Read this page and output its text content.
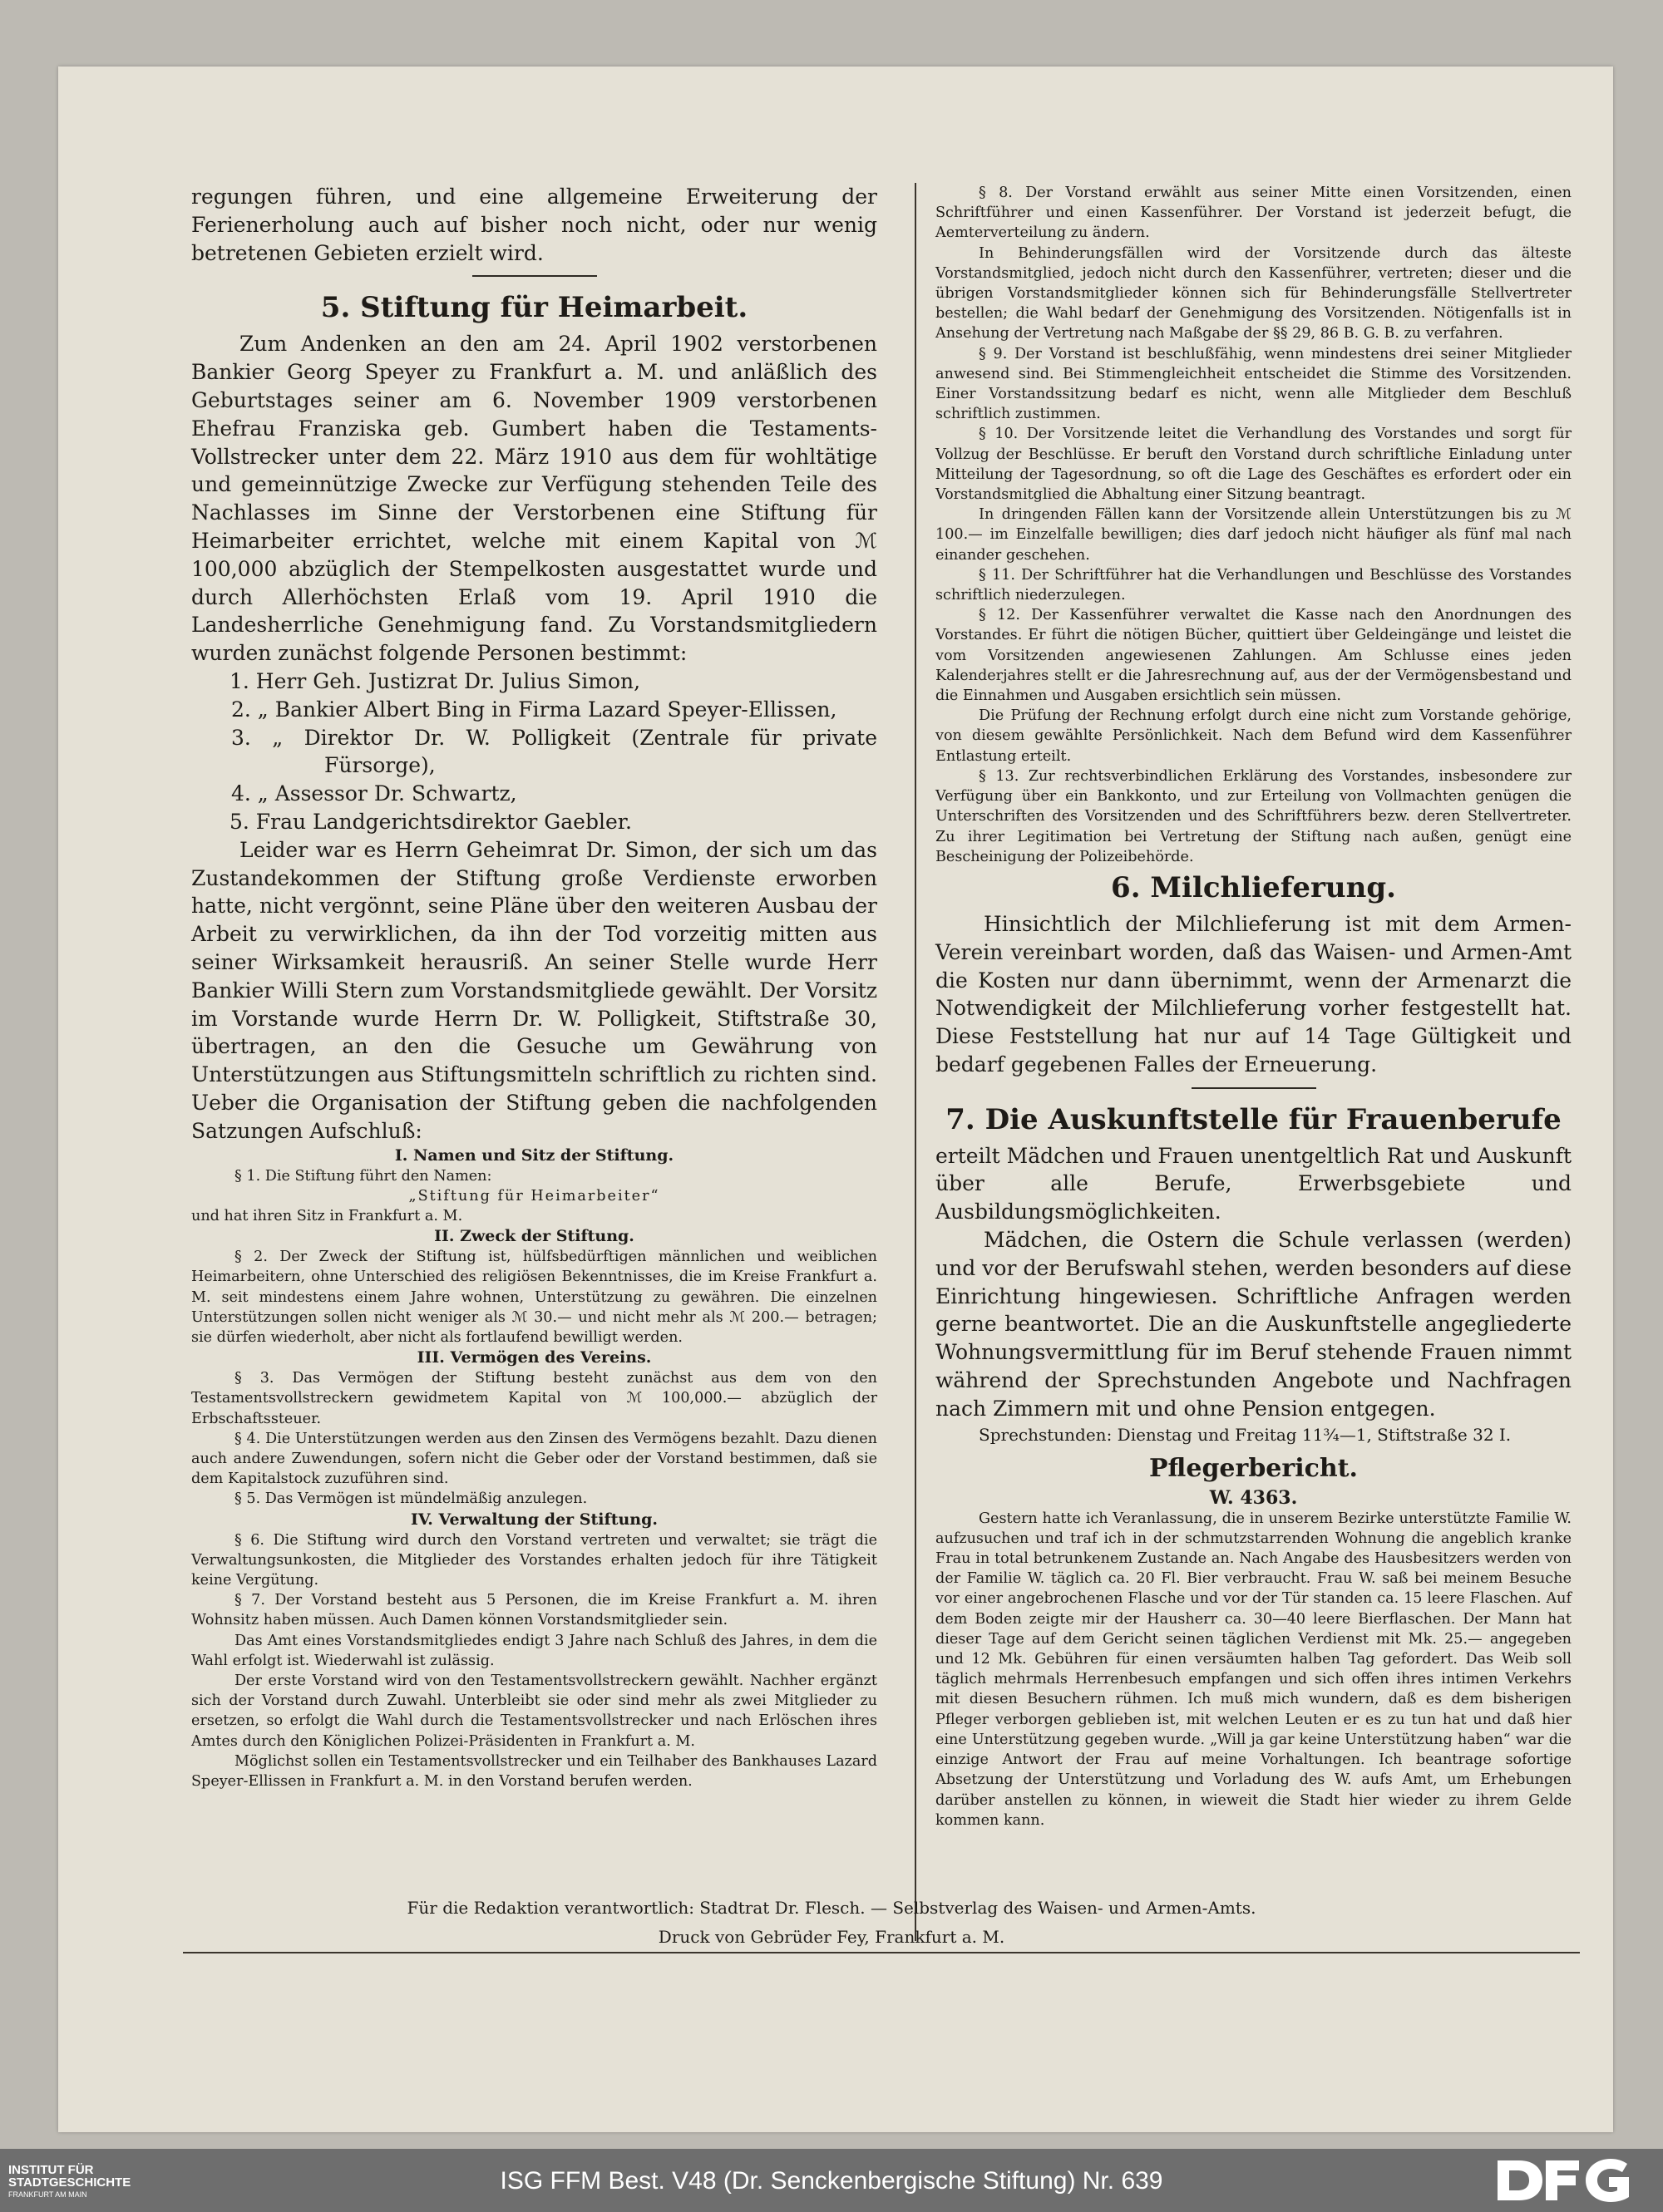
regungen führen, und eine allgemeine Erweiterung der Ferienerholung auch auf bisher noch nicht, oder nur wenig betretenen Gebieten erzielt wird.

5. Stiftung für Heimarbeit.

Zum Andenken an den am 24. April 1902 verstorbenen Bankier Georg Speyer zu Frankfurt a. M. und anläßlich des Geburtstages seiner am 6. November 1909 verstorbenen Ehefrau Franziska geb. Gumbert haben die Testaments-Vollstrecker unter dem 22. März 1910 aus dem für wohltätige und gemeinnützige Zwecke zur Verfügung stehenden Teile des Nachlasses im Sinne der Verstorbenen eine Stiftung für Heimarbeiter errichtet, welche mit einem Kapital von ℳ 100,000 abzüglich der Stempelkosten ausgestattet wurde und durch Allerhöchsten Erlaß vom 19. April 1910 die Landesherrliche Genehmigung fand. Zu Vorstandsmitgliedern wurden zunächst folgende Personen bestimmt:

1. Herr Geh. Justizrat Dr. Julius Simon,

2. „ Bankier Albert Bing in Firma Lazard Speyer-Ellissen,

3. „ Direktor Dr. W. Polligkeit (Zentrale für private Fürsorge),

4. „ Assessor Dr. Schwartz,

5. Frau Landgerichtsdirektor Gaebler.

Leider war es Herrn Geheimrat Dr. Simon, der sich um das Zustandekommen der Stiftung große Verdienste erworben hatte, nicht vergönnt, seine Pläne über den weiteren Ausbau der Arbeit zu verwirklichen, da ihn der Tod vorzeitig mitten aus seiner Wirksamkeit herausriß. An seiner Stelle wurde Herr Bankier Willi Stern zum Vorstandsmitgliede gewählt. Der Vorsitz im Vorstande wurde Herrn Dr. W. Polligkeit, Stiftstraße 30, übertragen, an den die Gesuche um Gewährung von Unterstützungen aus Stiftungsmitteln schriftlich zu richten sind. Ueber die Organisation der Stiftung geben die nachfolgenden Satzungen Aufschluß:

I. Namen und Sitz der Stiftung.

§ 1. Die Stiftung führt den Namen:

„Stiftung für Heimarbeiter“

und hat ihren Sitz in Frankfurt a. M.

II. Zweck der Stiftung.

§ 2. Der Zweck der Stiftung ist, hülfsbedürftigen männlichen und weiblichen Heimarbeitern, ohne Unterschied des religiösen Bekenntnisses, die im Kreise Frankfurt a. M. seit mindestens einem Jahre wohnen, Unterstützung zu gewähren. Die einzelnen Unterstützungen sollen nicht weniger als ℳ 30.— und nicht mehr als ℳ 200.— betragen; sie dürfen wiederholt, aber nicht als fortlaufend bewilligt werden.

III. Vermögen des Vereins.

§ 3. Das Vermögen der Stiftung besteht zunächst aus dem von den Testamentsvollstreckern gewidmetem Kapital von ℳ 100,000.— abzüglich der Erbschaftssteuer.

§ 4. Die Unterstützungen werden aus den Zinsen des Vermögens bezahlt. Dazu dienen auch andere Zuwendungen, sofern nicht die Geber oder der Vorstand bestimmen, daß sie dem Kapitalstock zuzuführen sind.

§ 5. Das Vermögen ist mündelmäßig anzulegen.

IV. Verwaltung der Stiftung.

§ 6. Die Stiftung wird durch den Vorstand vertreten und verwaltet; sie trägt die Verwaltungsunkosten, die Mitglieder des Vorstandes erhalten jedoch für ihre Tätigkeit keine Vergütung.

§ 7. Der Vorstand besteht aus 5 Personen, die im Kreise Frankfurt a. M. ihren Wohnsitz haben müssen. Auch Damen können Vorstandsmitglieder sein.

Das Amt eines Vorstandsmitgliedes endigt 3 Jahre nach Schluß des Jahres, in dem die Wahl erfolgt ist. Wiederwahl ist zulässig.

Der erste Vorstand wird von den Testamentsvollstreckern gewählt. Nachher ergänzt sich der Vorstand durch Zuwahl. Unterbleibt sie oder sind mehr als zwei Mitglieder zu ersetzen, so erfolgt die Wahl durch die Testamentsvollstrecker und nach Erlöschen ihres Amtes durch den Königlichen Polizei-Präsidenten in Frankfurt a. M.

Möglichst sollen ein Testamentsvollstrecker und ein Teilhaber des Bankhauses Lazard Speyer-Ellissen in Frankfurt a. M. in den Vorstand berufen werden.

§ 8. Der Vorstand erwählt aus seiner Mitte einen Vorsitzenden, einen Schriftführer und einen Kassenführer. Der Vorstand ist jederzeit befugt, die Aemterverteilung zu ändern.

In Behinderungsfällen wird der Vorsitzende durch das älteste Vorstandsmitglied, jedoch nicht durch den Kassenführer, vertreten; dieser und die übrigen Vorstandsmitglieder können sich für Behinderungsfälle Stellvertreter bestellen; die Wahl bedarf der Genehmigung des Vorsitzenden. Nötigenfalls ist in Ansehung der Vertretung nach Maßgabe der §§ 29, 86 B. G. B. zu verfahren.

§ 9. Der Vorstand ist beschlußfähig, wenn mindestens drei seiner Mitglieder anwesend sind. Bei Stimmengleichheit entscheidet die Stimme des Vorsitzenden. Einer Vorstandssitzung bedarf es nicht, wenn alle Mitglieder dem Beschluß schriftlich zustimmen.

§ 10. Der Vorsitzende leitet die Verhandlung des Vorstandes und sorgt für Vollzug der Beschlüsse. Er beruft den Vorstand durch schriftliche Einladung unter Mitteilung der Tagesordnung, so oft die Lage des Geschäftes es erfordert oder ein Vorstandsmitglied die Abhaltung einer Sitzung beantragt.

In dringenden Fällen kann der Vorsitzende allein Unterstützungen bis zu ℳ 100.— im Einzelfalle bewilligen; dies darf jedoch nicht häufiger als fünf mal nach einander geschehen.

§ 11. Der Schriftführer hat die Verhandlungen und Beschlüsse des Vorstandes schriftlich niederzulegen.

§ 12. Der Kassenführer verwaltet die Kasse nach den Anordnungen des Vorstandes. Er führt die nötigen Bücher, quittiert über Geldeingänge und leistet die vom Vorsitzenden angewiesenen Zahlungen. Am Schlusse eines jeden Kalenderjahres stellt er die Jahresrechnung auf, aus der der Vermögensbestand und die Einnahmen und Ausgaben ersichtlich sein müssen.

Die Prüfung der Rechnung erfolgt durch eine nicht zum Vorstande gehörige, von diesem gewählte Persönlichkeit. Nach dem Befund wird dem Kassenführer Entlastung erteilt.

§ 13. Zur rechtsverbindlichen Erklärung des Vorstandes, insbesondere zur Verfügung über ein Bankkonto, und zur Erteilung von Vollmachten genügen die Unterschriften des Vorsitzenden und des Schriftführers bezw. deren Stellvertreter. Zu ihrer Legitimation bei Vertretung der Stiftung nach außen, genügt eine Bescheinigung der Polizeibehörde.

6. Milchlieferung.

Hinsichtlich der Milchlieferung ist mit dem Armen-Verein vereinbart worden, daß das Waisen- und Armen-Amt die Kosten nur dann übernimmt, wenn der Armenarzt die Notwendigkeit der Milchlieferung vorher festgestellt hat. Diese Feststellung hat nur auf 14 Tage Gültigkeit und bedarf gegebenen Falles der Erneuerung.

7. Die Auskunftstelle für Frauenberufe

erteilt Mädchen und Frauen unentgeltlich Rat und Auskunft über alle Berufe, Erwerbsgebiete und Ausbildungsmöglichkeiten.

Mädchen, die Ostern die Schule verlassen (werden) und vor der Berufswahl stehen, werden besonders auf diese Einrichtung hingewiesen. Schriftliche Anfragen werden gerne beantwortet. Die an die Auskunftstelle angegliederte Wohnungsvermittlung für im Beruf stehende Frauen nimmt während der Sprechstunden Angebote und Nachfragen nach Zimmern mit und ohne Pension entgegen.

Sprechstunden: Dienstag und Freitag 11¾—1, Stiftstraße 32 I.

Pflegerbericht.
W. 4363.

Gestern hatte ich Veranlassung, die in unserem Bezirke unterstützte Familie W. aufzusuchen und traf ich in der schmutzstarrenden Wohnung die angeblich kranke Frau in total betrunkenem Zustande an. Nach Angabe des Hausbesitzers werden von der Familie W. täglich ca. 20 Fl. Bier verbraucht. Frau W. saß bei meinem Besuche vor einer angebrochenen Flasche und vor der Tür standen ca. 15 leere Flaschen. Auf dem Boden zeigte mir der Hausherr ca. 30—40 leere Bierflaschen. Der Mann hat dieser Tage auf dem Gericht seinen täglichen Verdienst mit Mk. 25.— angegeben und 12 Mk. Gebühren für einen versäumten halben Tag gefordert. Das Weib soll täglich mehrmals Herrenbesuch empfangen und sich offen ihres intimen Verkehrs mit diesen Besuchern rühmen. Ich muß mich wundern, daß es dem bisherigen Pfleger verborgen geblieben ist, mit welchen Leuten er es zu tun hat und daß hier eine Unterstützung gegeben wurde. „Will ja gar keine Unterstützung haben“ war die einzige Antwort der Frau auf meine Vorhaltungen. Ich beantrage sofortige Absetzung der Unterstützung und Vorladung des W. aufs Amt, um Erhebungen darüber anstellen zu können, in wieweit die Stadt hier wieder zu ihrem Gelde kommen kann.

Für die Redaktion verantwortlich: Stadtrat Dr. Flesch. — Selbstverlag des Waisen- und Armen-Amts.
Druck von Gebrüder Fey, Frankfurt a. M.
INSTITUT FÜR
STADTGESCHICHTE
FRANKFURT AM MAIN	ISG FFM Best. V48 (Dr. Senckenbergische Stiftung) Nr. 639
